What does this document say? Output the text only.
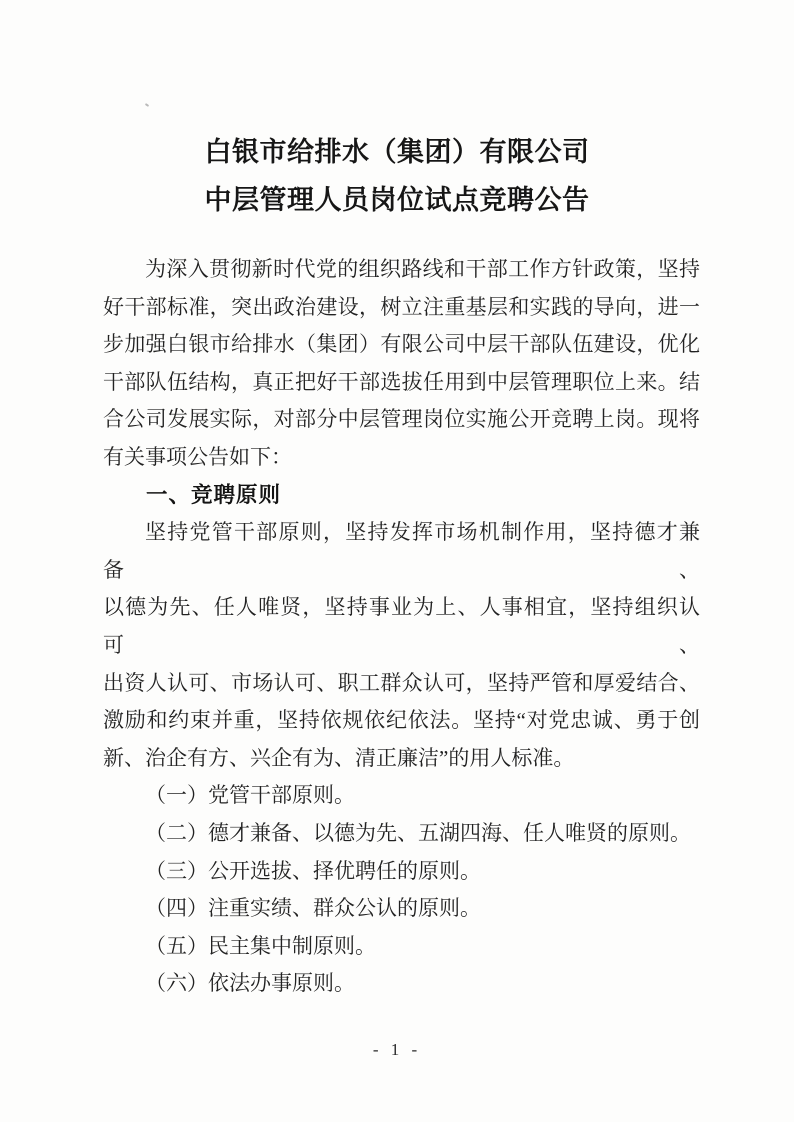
白银市给排水（集团）有限公司
中层管理人员岗位试点竞聘公告

为深入贯彻新时代党的组织路线和干部工作方针政策，坚持

好干部标准，突出政治建设，树立注重基层和实践的导向，进一

步加强白银市给排水（集团）有限公司中层干部队伍建设，优化

干部队伍结构，真正把好干部选拔任用到中层管理职位上来。结

合公司发展实际，对部分中层管理岗位实施公开竞聘上岗。现将

有关事项公告如下：

一、竞聘原则

坚持党管干部原则，坚持发挥市场机制作用，坚持德才兼备、

以德为先、任人唯贤，坚持事业为上、人事相宜，坚持组织认可、

出资人认可、市场认可、职工群众认可，坚持严管和厚爱结合、

激励和约束并重，坚持依规依纪依法。坚持“对党忠诚、勇于创

新、治企有方、兴企有为、清正廉洁”的用人标准。

（一）党管干部原则。

（二）德才兼备、以德为先、五湖四海、任人唯贤的原则。

（三）公开选拔、择优聘任的原则。

（四）注重实绩、群众公认的原则。

（五）民主集中制原则。

（六）依法办事原则。

- 1 -
